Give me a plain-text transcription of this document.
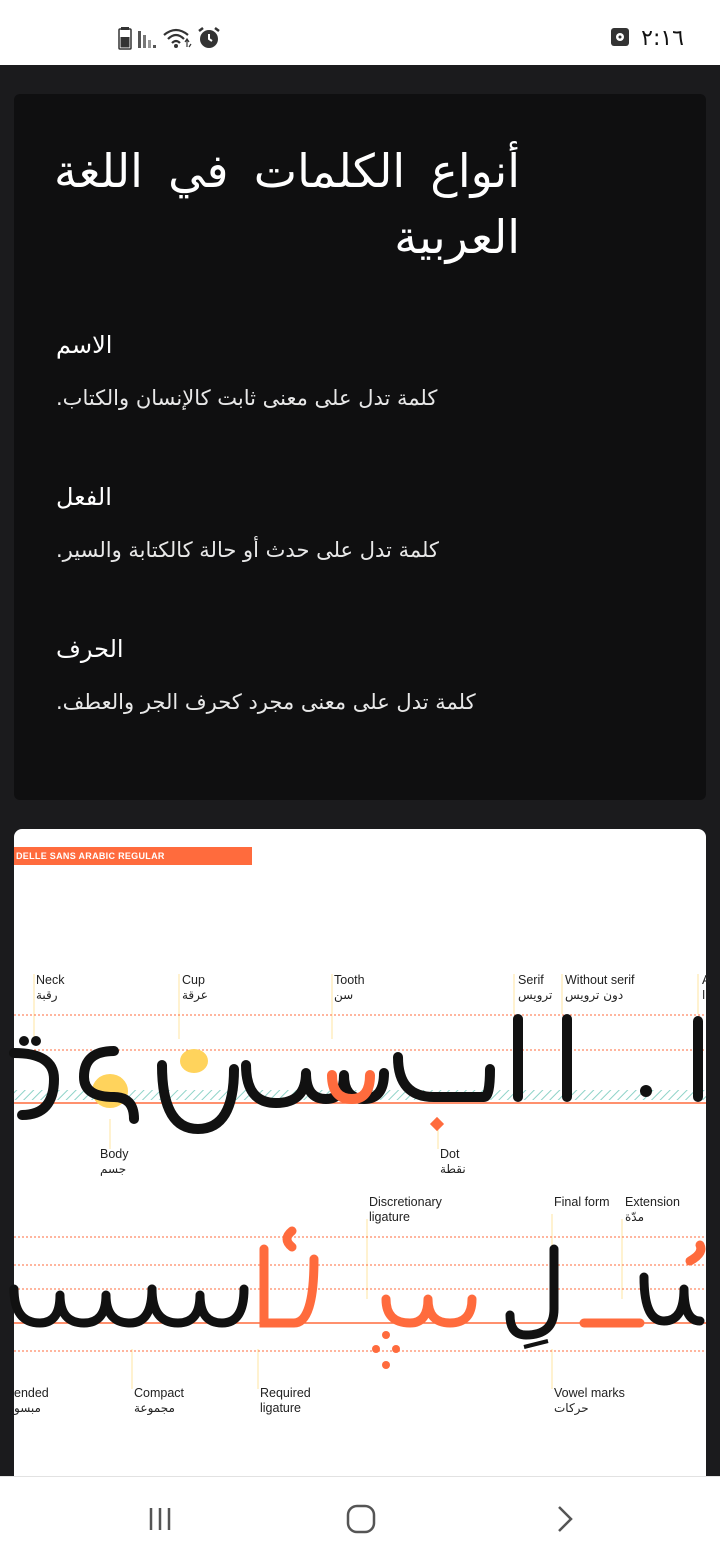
٢:١٦
أنواع الكلمات في اللغة العربية
الاسم
كلمة تدل على معنى ثابت كالإنسان والكتاب.
الفعل
كلمة تدل على حدث أو حالة كالكتابة والسير.
الحرف
كلمة تدل على معنى مجرد كحرف الجر والعطف.
DELLE SANS ARABIC REGULAR
Neck
رقبة
Cup
عرقة
Tooth
سن
Serif
ترويس
Without serif
دون ترويس
A
ا
Body
جسم
Dot
نقطة
Discretionary ligature
Final form Extension
مدّة
ended
مبسو
Compact
مجموعة
Required ligature
Vowel marks
حركات
